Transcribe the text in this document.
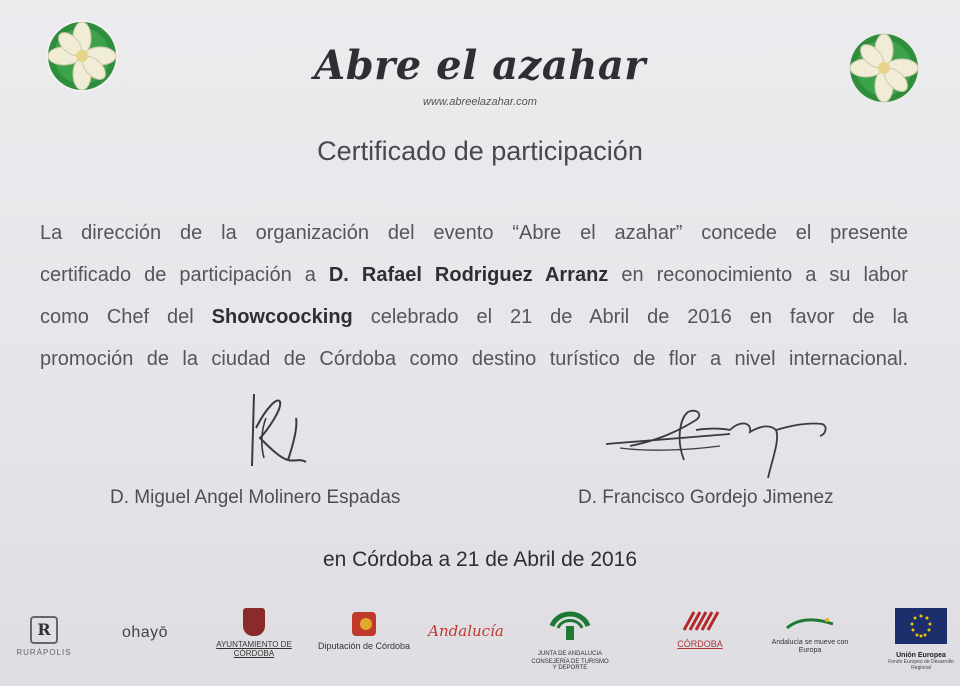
Abre el azahar
www.abreelazahar.com
Certificado de participación
La dirección de la organización del evento “Abre el azahar” concede el presente
certificado de participación a D. Rafael Rodriguez Arranz en reconocimiento a su labor
como Chef del Showcoocking celebrado el 21 de Abril de 2016 en favor de la
promoción de la ciudad de Córdoba como destino turístico de flor a nivel internacional.
D. Miguel Angel Molinero Espadas	D. Francisco Gordejo Jimenez
en Córdoba a 21 de Abril de 2016
R
RURÁPOLIS
ohayō
AYUNTAMIENTO DE CÓRDOBA
Diputación de Córdoba
Andalucía
JUNTA DE ANDALUCIA
CONSEJERÍA DE TURISMO Y DEPORTE
CÓRDOBA	Andalucía se mueve con Europa
Unión Europea
Fondo Europeo de Desarrollo Regional
